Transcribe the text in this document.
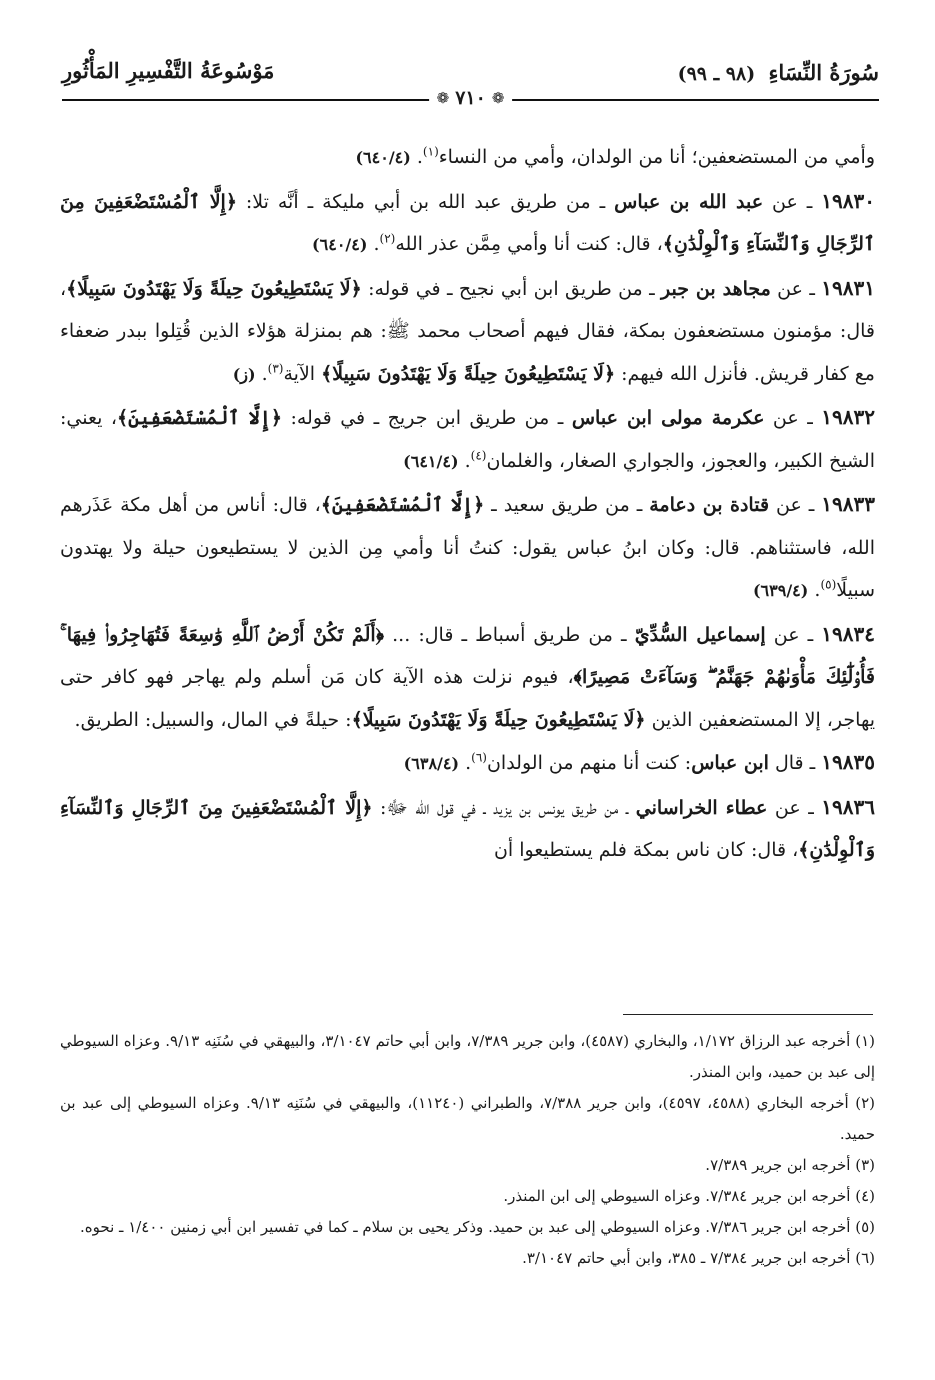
سُورَةُ النِّسَاءِ (٩٨ ـ ٩٩)
مَوْسُوعَةُ التَّفْسِيرِ المَأْثُورِ
❁ ٧١٠ ❁

وأمي من المستضعفين؛ أنا من الولدان، وأمي من النساء$^{(١)}$. (٦٤٠/٤)

١٩٨٣٠ ـ عن عبد الله بن عباس ـ من طريق عبد الله بن أبي مليكة ـ أنَّه تلا: ﴿إِلَّا ٱلْمُسْتَضْعَفِينَ مِنَ ٱلرِّجَالِ وَٱلنِّسَآءِ وَٱلْوِلْدَٰنِ﴾، قال: كنت أنا وأمي مِمَّن عذر الله$^{(٢)}$. (٦٤٠/٤)

١٩٨٣١ ـ عن مجاهد بن جبر ـ من طريق ابن أبي نجيح ـ في قوله: ﴿لَا يَسْتَطِيعُونَ حِيلَةً وَلَا يَهْتَدُونَ سَبِيلًا﴾، قال: مؤمنون مستضعفون بمكة، فقال فيهم أصحاب محمد ﷺ: هم بمنزلة هؤلاء الذين قُتِلوا ببدر ضعفاء مع كفار قريش. فأنزل الله فيهم: ﴿لَا يَسْتَطِيعُونَ حِيلَةً وَلَا يَهْتَدُونَ سَبِيلًا﴾ الآية$^{(٣)}$. (ز)

١٩٨٣٢ ـ عن عكرمة مولى ابن عباس ـ من طريق ابن جريج ـ في قوله: ﴿إِلَّا ٱلْمُسْتَضْعَفِينَ﴾، يعني: الشيخ الكبير، والعجوز، والجواري الصغار، والغلمان$^{(٤)}$. (٦٤١/٤)

١٩٨٣٣ ـ عن قتادة بن دعامة ـ من طريق سعيد ـ ﴿إِلَّا ٱلْمُسْتَضْعَفِينَ﴾، قال: أناس من أهل مكة عَذَرهم الله، فاستثناهم. قال: وكان ابنُ عباس يقول: كنتُ أنا وأمي مِن الذين لا يستطيعون حيلة ولا يهتدون سبيلًا$^{(٥)}$. (٦٣٩/٤)

١٩٨٣٤ ـ عن إسماعيل السُّدِّيّ ـ من طريق أسباط ـ قال: ... ﴿أَلَمْ تَكُنْ أَرْضُ ٱللَّهِ وَٰسِعَةً فَتُهَاجِرُوا۟ فِيهَا ۚ فَأُو۟لَٰٓئِكَ مَأْوَىٰهُمْ جَهَنَّمُ ۖ وَسَآءَتْ مَصِيرًا﴾، فيوم نزلت هذه الآية كان مَن أسلم ولم يهاجر فهو كافر حتى يهاجر، إلا المستضعفين الذين ﴿لَا يَسْتَطِيعُونَ حِيلَةً وَلَا يَهْتَدُونَ سَبِيلًا﴾: حيلةً في المال، والسبيل: الطريق.

١٩٨٣٥ ـ قال ابن عباس: كنت أنا منهم من الولدان$^{(٦)}$. (٦٣٨/٤)

١٩٨٣٦ ـ عن عطاء الخراساني ـ من طريق يونس بن يزيد ـ في قول الله ﷻ: ﴿إِلَّا ٱلْمُسْتَضْعَفِينَ مِنَ ٱلرِّجَالِ وَٱلنِّسَآءِ وَٱلْوِلْدَٰنِ﴾، قال: كان ناس بمكة فلم يستطيعوا أن

(١) أخرجه عبد الرزاق ١/١٧٢، والبخاري (٤٥٨٧)، وابن جرير ٧/٣٨٩، وابن أبي حاتم ٣/١٠٤٧، والبيهقي في سُنَنِه ٩/١٣. وعزاه السيوطي إلى عبد بن حميد، وابن المنذر.

(٢) أخرجه البخاري (٤٥٨٨، ٤٥٩٧)، وابن جرير ٧/٣٨٨، والطبراني (١١٢٤٠)، والبيهقي في سُنَنِه ٩/١٣. وعزاه السيوطي إلى عبد بن حميد.

(٣) أخرجه ابن جرير ٧/٣٨٩.

(٤) أخرجه ابن جرير ٧/٣٨٤. وعزاه السيوطي إلى ابن المنذر.

(٥) أخرجه ابن جرير ٧/٣٨٦. وعزاه السيوطي إلى عبد بن حميد. وذكر يحيى بن سلام ـ كما في تفسير ابن أبي زمنين ١/٤٠٠ ـ نحوه.

(٦) أخرجه ابن جرير ٧/٣٨٤ ـ ٣٨٥، وابن أبي حاتم ٣/١٠٤٧.
